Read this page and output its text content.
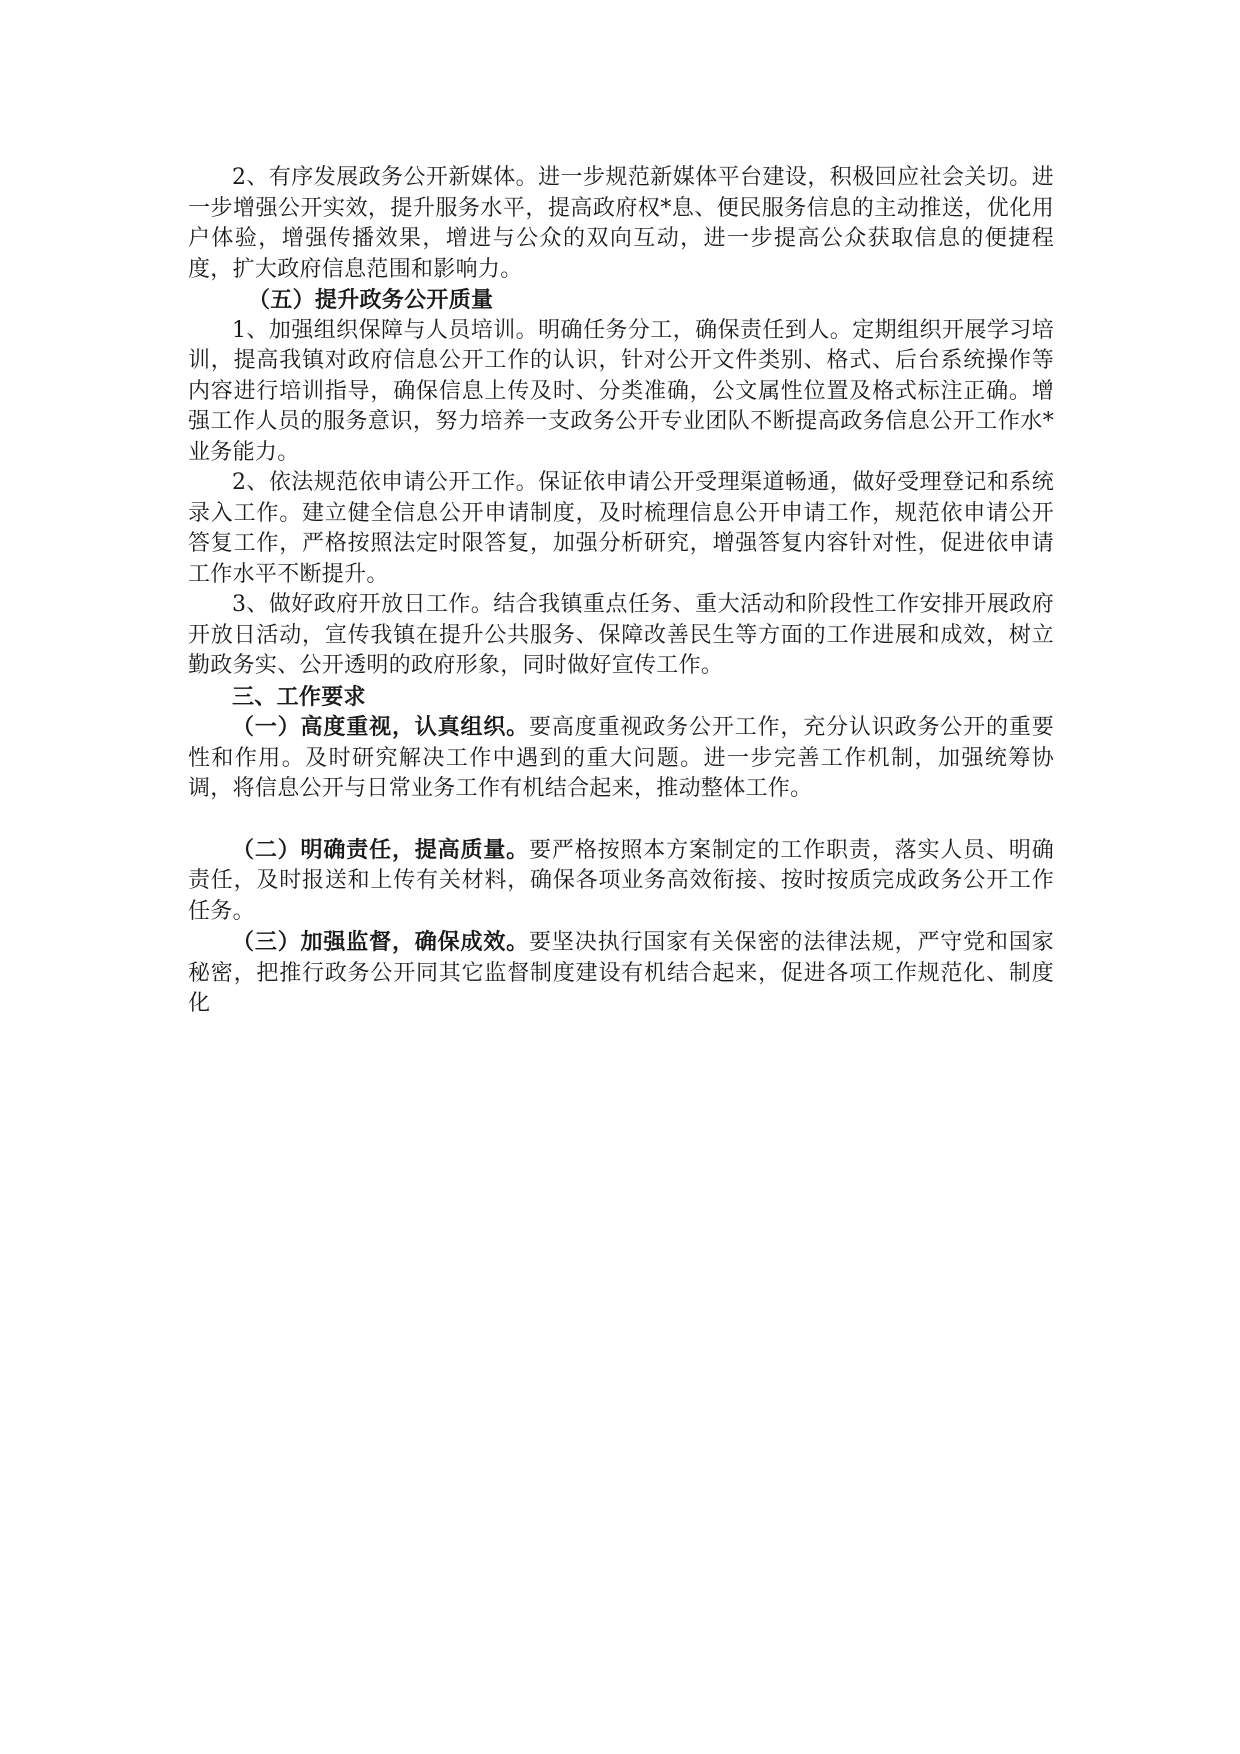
2、有序发展政务公开新媒体。进一步规范新媒体平台建设，积极回应社会关切。进一步增强公开实效，提升服务水平，提高政府权*息、便民服务信息的主动推送，优化用户体验，增强传播效果，增进与公众的双向互动，进一步提高公众获取信息的便捷程度，扩大政府信息范围和影响力。

（五）提升政务公开质量

1、加强组织保障与人员培训。明确任务分工，确保责任到人。定期组织开展学习培训，提高我镇对政府信息公开工作的认识，针对公开文件类别、格式、后台系统操作等内容进行培训指导，确保信息上传及时、分类准确，公文属性位置及格式标注正确。增强工作人员的服务意识，努力培养一支政务公开专业团队不断提高政务信息公开工作水*业务能力。

2、依法规范依申请公开工作。保证依申请公开受理渠道畅通，做好受理登记和系统录入工作。建立健全信息公开申请制度，及时梳理信息公开申请工作，规范依申请公开答复工作，严格按照法定时限答复，加强分析研究，增强答复内容针对性，促进依申请工作水平不断提升。

3、做好政府开放日工作。结合我镇重点任务、重大活动和阶段性工作安排开展政府开放日活动，宣传我镇在提升公共服务、保障改善民生等方面的工作进展和成效，树立勤政务实、公开透明的政府形象，同时做好宣传工作。

三、工作要求

（一）高度重视，认真组织。要高度重视政务公开工作，充分认识政务公开的重要性和作用。及时研究解决工作中遇到的重大问题。进一步完善工作机制，加强统筹协调，将信息公开与日常业务工作有机结合起来，推动整体工作。

（二）明确责任，提高质量。要严格按照本方案制定的工作职责，落实人员、明确责任，及时报送和上传有关材料，确保各项业务高效衔接、按时按质完成政务公开工作任务。

（三）加强监督，确保成效。要坚决执行国家有关保密的法律法规，严守党和国家秘密，把推行政务公开同其它监督制度建设有机结合起来，促进各项工作规范化、制度化
